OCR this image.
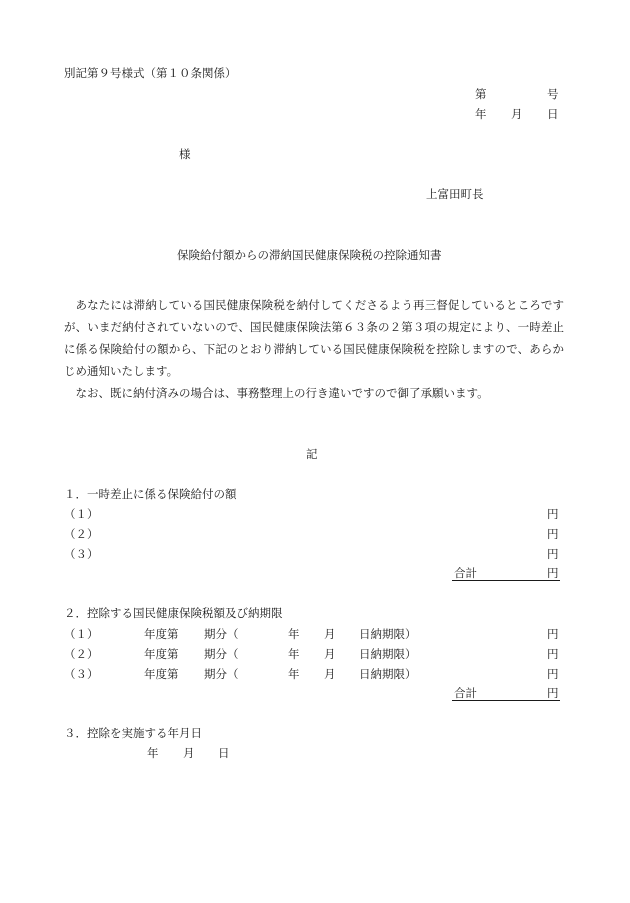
別記第９号様式（第１０条関係）
第	号
年 月 日
様
上富田町長
保険給付額からの滞納国民健康保険税の控除通知書

あなたには滞納している国民健康保険税を納付してくださるよう再三督促しているところですが、いまだ納付されていないので、国民健康保険法第６３条の２第３項の規定により、一時差止に係る保険給付の額から、下記のとおり滞納している国民健康保険税を控除しますので、あらかじめ通知いたします。

なお、既に納付済みの場合は、事務整理上の行き違いですので御了承願います。

記
１．一時差止に係る保険給付の額
（１）	円
（２）	円
（３）	円
合計	円
２．控除する国民健康保険税額及び納期限
（１）	年度第 期分（	年 月 日納期限）	円
（２）	年度第 期分（	年 月 日納期限）	円
（３）	年度第 期分（	年 月 日納期限）	円
合計	円
３．控除を実施する年月日
年 月 日
